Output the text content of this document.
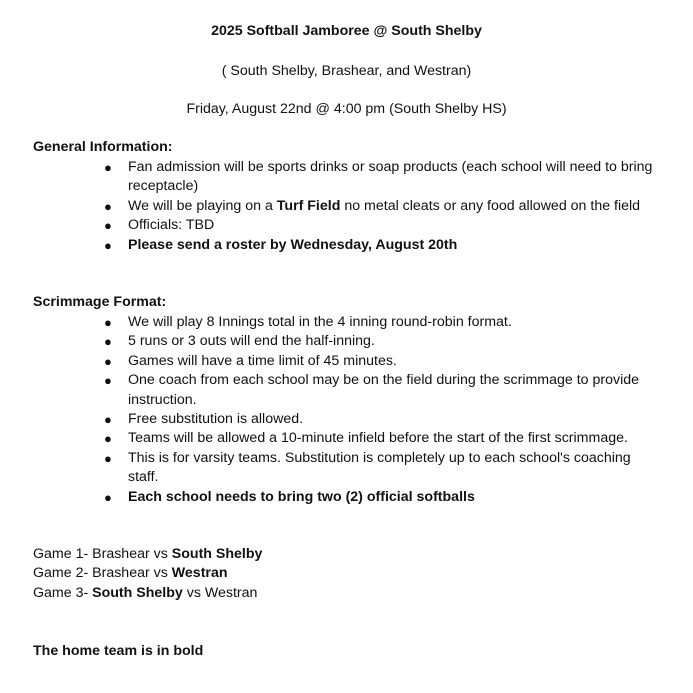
2025 Softball Jamboree @ South Shelby
( South Shelby, Brashear, and Westran)
Friday, August 22nd @ 4:00 pm (South Shelby HS)
General Information:
● Fan admission will be sports drinks or soap products (each school will need to bring receptacle)
● We will be playing on a Turf Field no metal cleats or any food allowed on the field
● Officials: TBD
● Please send a roster by Wednesday, August 20th
Scrimmage Format:
● We will play 8 Innings total in the 4 inning round-robin format.
● 5 runs or 3 outs will end the half-inning.
● Games will have a time limit of 45 minutes.
● One coach from each school may be on the field during the scrimmage to provide instruction.
● Free substitution is allowed.
● Teams will be allowed a 10-minute infield before the start of the first scrimmage.
● This is for varsity teams. Substitution is completely up to each school's coaching staff.
● Each school needs to bring two (2) official softballs
Game 1- Brashear vs South Shelby
Game 2- Brashear vs Westran
Game 3- South Shelby vs Westran
The home team is in bold
